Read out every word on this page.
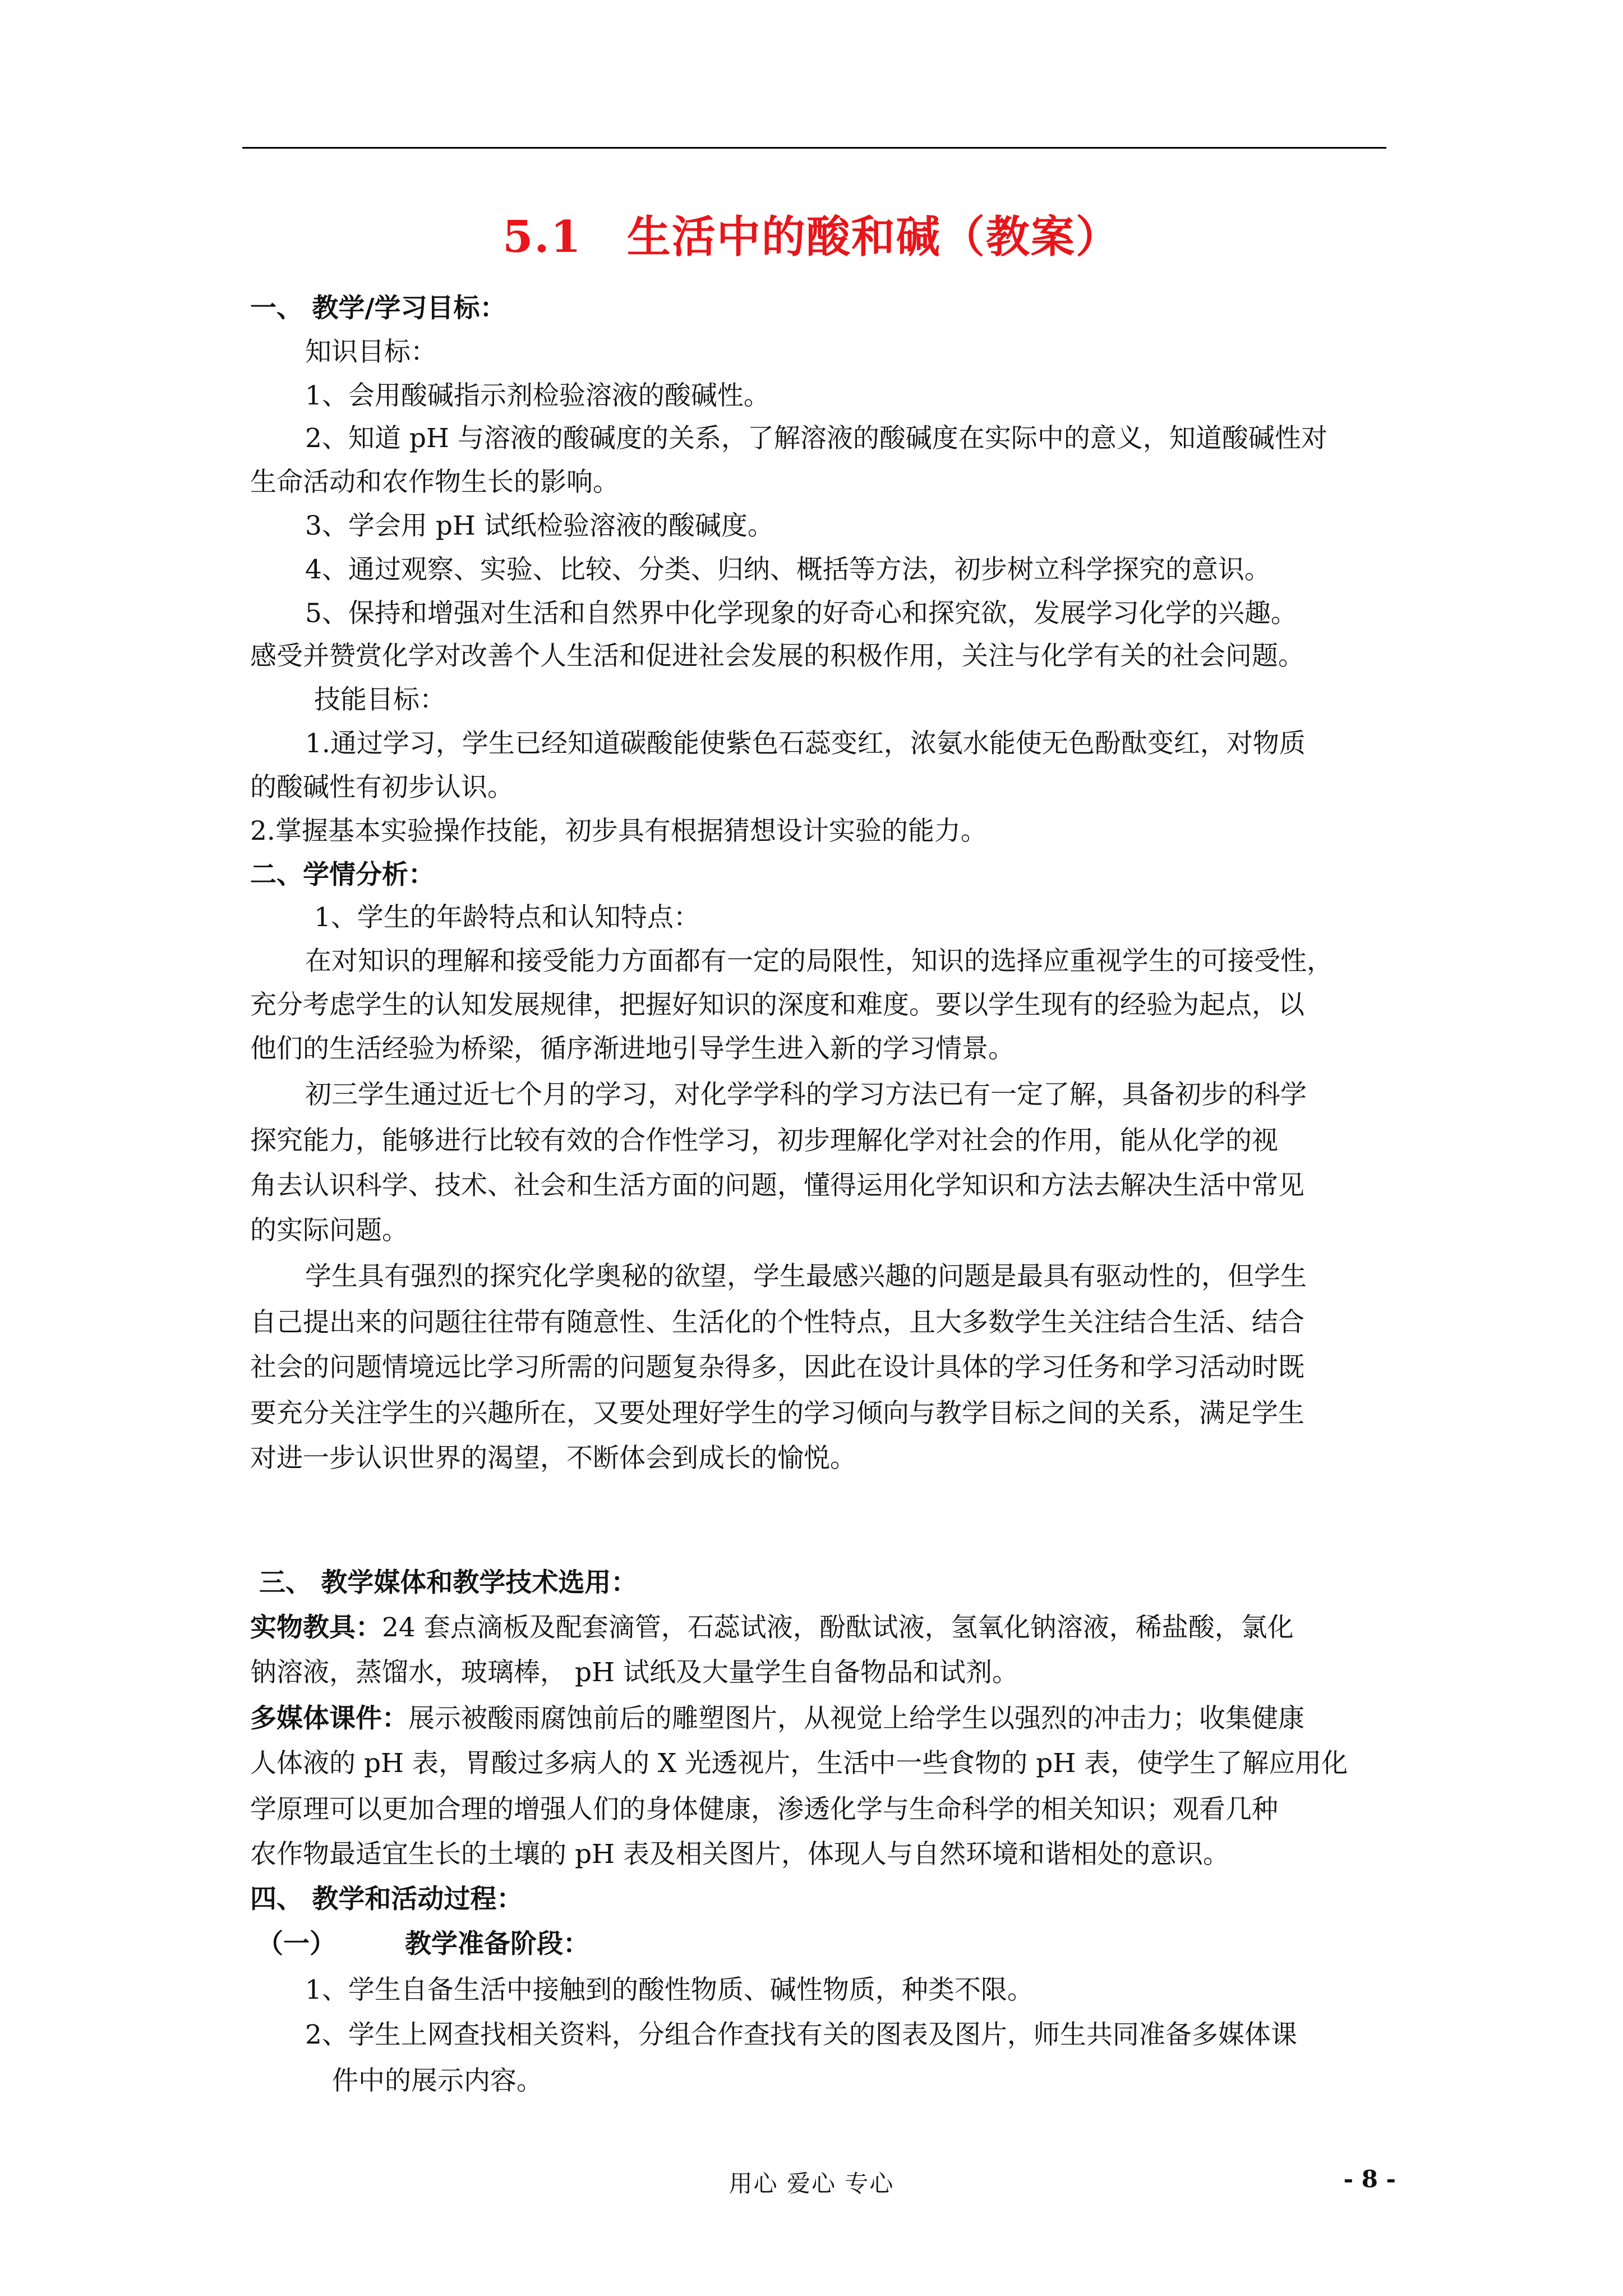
5.1 生活中的酸和碱（教案）
一、 教学/学习目标：
知识目标：
1、会用酸碱指示剂检验溶液的酸碱性。
2、知道 pH 与溶液的酸碱度的关系，了解溶液的酸碱度在实际中的意义，知道酸碱性对
生命活动和农作物生长的影响。
3、学会用 pH 试纸检验溶液的酸碱度。
4、通过观察、实验、比较、分类、归纳、概括等方法，初步树立科学探究的意识。
5、保持和增强对生活和自然界中化学现象的好奇心和探究欲，发展学习化学的兴趣。
感受并赞赏化学对改善个人生活和促进社会发展的积极作用，关注与化学有关的社会问题。
技能目标：
1.通过学习，学生已经知道碳酸能使紫色石蕊变红，浓氨水能使无色酚酞变红，对物质
的酸碱性有初步认识。
2.掌握基本实验操作技能，初步具有根据猜想设计实验的能力。
二、学情分析：
1、学生的年龄特点和认知特点：
在对知识的理解和接受能力方面都有一定的局限性，知识的选择应重视学生的可接受性，
充分考虑学生的认知发展规律，把握好知识的深度和难度。要以学生现有的经验为起点，以
他们的生活经验为桥梁，循序渐进地引导学生进入新的学习情景。
初三学生通过近七个月的学习，对化学学科的学习方法已有一定了解，具备初步的科学
探究能力，能够进行比较有效的合作性学习，初步理解化学对社会的作用，能从化学的视
角去认识科学、技术、社会和生活方面的问题，懂得运用化学知识和方法去解决生活中常见
的实际问题。
学生具有强烈的探究化学奥秘的欲望，学生最感兴趣的问题是最具有驱动性的，但学生
自己提出来的问题往往带有随意性、生活化的个性特点，且大多数学生关注结合生活、结合
社会的问题情境远比学习所需的问题复杂得多，因此在设计具体的学习任务和学习活动时既
要充分关注学生的兴趣所在，又要处理好学生的学习倾向与教学目标之间的关系，满足学生
对进一步认识世界的渴望，不断体会到成长的愉悦。
三、 教学媒体和教学技术选用：
实物教具：24 套点滴板及配套滴管，石蕊试液，酚酞试液，氢氧化钠溶液，稀盐酸，氯化
钠溶液，蒸馏水，玻璃棒， pH 试纸及大量学生自备物品和试剂。
多媒体课件：展示被酸雨腐蚀前后的雕塑图片，从视觉上给学生以强烈的冲击力；收集健康
人体液的 pH 表，胃酸过多病人的 X 光透视片，生活中一些食物的 pH 表，使学生了解应用化
学原理可以更加合理的增强人们的身体健康，渗透化学与生命科学的相关知识；观看几种
农作物最适宜生长的土壤的 pH 表及相关图片，体现人与自然环境和谐相处的意识。
四、 教学和活动过程：
（一）	教学准备阶段：
1、学生自备生活中接触到的酸性物质、碱性物质，种类不限。
2、学生上网查找相关资料，分组合作查找有关的图表及图片，师生共同准备多媒体课
件中的展示内容。
用心 爱心 专心	- 8 -
